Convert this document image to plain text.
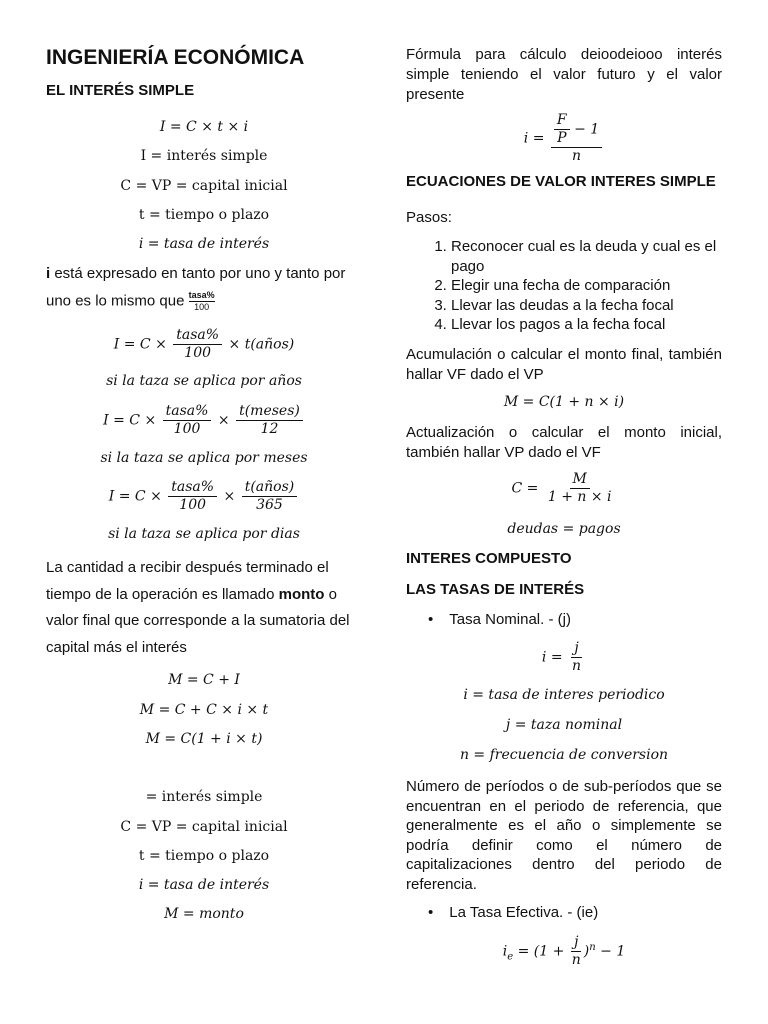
INGENIERÍA ECONÓMICA
EL INTERÉS SIMPLE
I = C × t × i
I = interés simple
C = VP = capital inicial
t = tiempo o plazo
i = tasa de interés
i está expresado en tanto por uno y tanto por
uno es lo mismo que $\frac{\text{tasa\%}}{100}$
$I = C \times \frac{\text{tasa\%}}{100}$ × t(años)
si la taza se aplica por años
$I = C \times \frac{\text{tasa\%}}{100} \times \frac{\text{t(meses)}}{12}$
si la taza se aplica por meses
$I = C \times \frac{\text{tasa\%}}{100} \times \frac{\text{t(años)}}{365}$
si la taza se aplica por dias
La cantidad a recibir después terminado el
tiempo de la operación es llamado monto o
valor final que corresponde a la sumatoria del
capital más el interés
M = C + I
M = C + C × i × t
M = C(1 + i × t)
= interés simple
C = VP = capital inicial
t = tiempo o plazo
i = tasa de interés
M = monto
Fórmula para cálculo deioodeiooo interés simple teniendo el valor futuro y el valor presente
$i = \frac{\frac{F}{P} - 1}{n}$
ECUACIONES DE VALOR INTERES SIMPLE
Pasos:
1. Reconocer cual es la deuda y cual es el pago
2. Elegir una fecha de comparación
3. Llevar las deudas a la fecha focal
4. Llevar los pagos a la fecha focal
Acumulación o calcular el monto final, también hallar VF dado el VP
M = C(1 + n × i)
Actualización o calcular el monto inicial, también hallar VP dado el VF
$C = \frac{M}{1 + n \times i}$
deudas = pagos
INTERES COMPUESTO
LAS TASAS DE INTERÉS
• Tasa Nominal. - (j)
$i = \frac{j}{n}$
i = tasa de interes periodico
j = taza nominal
n = frecuencia de conversion
Número de períodos o de sub-períodos que se encuentran en el periodo de referencia, que generalmente es el año o simplemente se podría definir como el número de capitalizaciones dentro del periodo de referencia.
• La Tasa Efectiva. - (ie)
$i_e = (1 + \frac{j}{n} )^n - 1$
